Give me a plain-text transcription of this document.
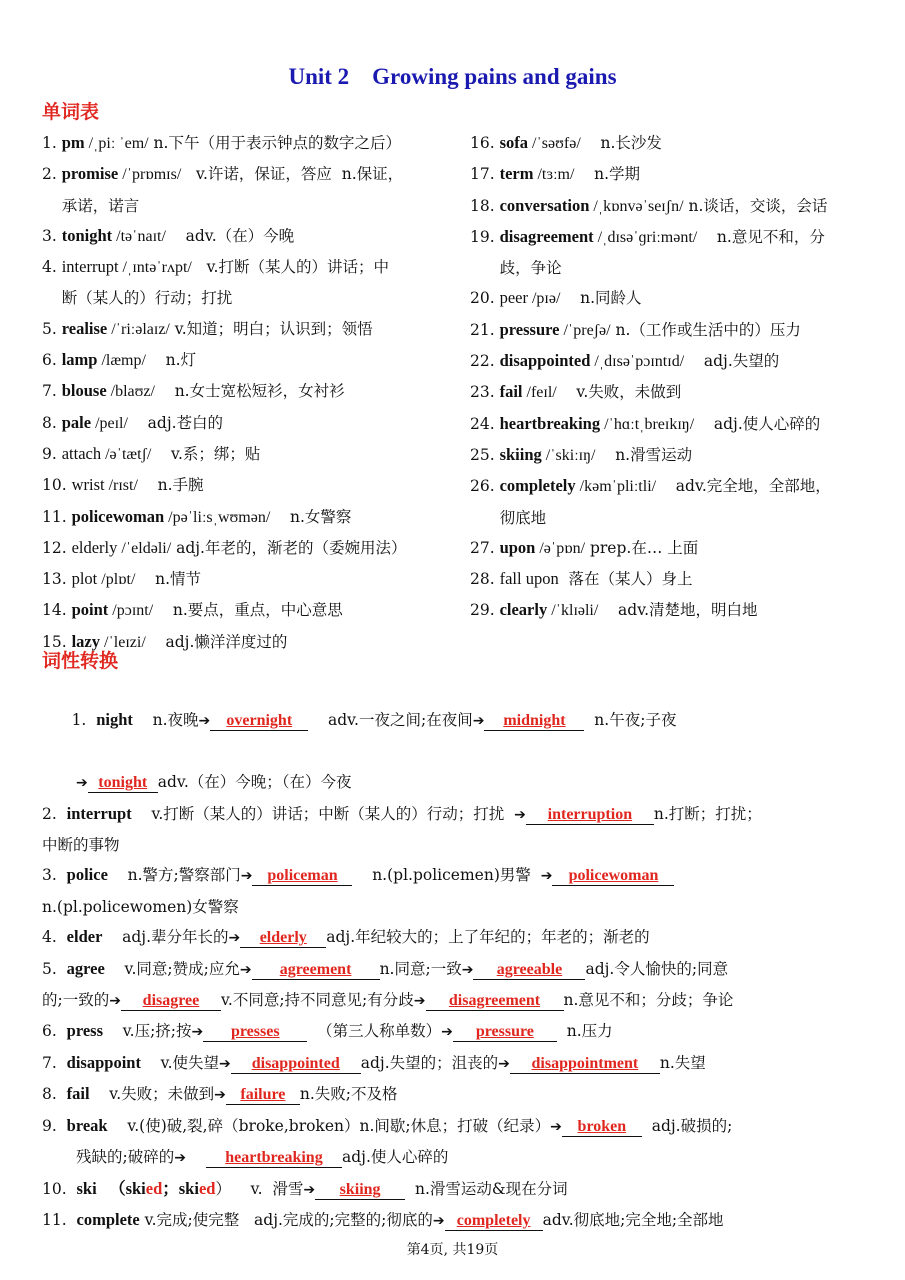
Unit 2    Growing pains and gains
单词表
1. pm /ˌpiː ˈem/ n.下午（用于表示钟点的数字之后）
2. promise /ˈprɒmɪs/   v.许诺，保证，答应  n.保证，
承诺，诺言
3. tonight /təˈnaɪt/    adv.（在）今晚
4. interrupt /ˌɪntəˈrʌpt/   v.打断（某人的）讲话；中
断（某人的）行动；打扰
5. realise /ˈriːəlaɪz/ v.知道；明白；认识到；领悟
6. lamp /læmp/    n.灯
7. blouse /blaʊz/    n.女士宽松短衫，女衬衫
8. pale /peɪl/    adj.苍白的
9. attach /əˈtætʃ/    v.系；绑；贴
10. wrist /rɪst/    n.手腕
11. policewoman /pəˈliːsˌwʊmən/    n.女警察
12. elderly /ˈeldəli/ adj.年老的，渐老的（委婉用法）
13. plot /plɒt/    n.情节
14. point /pɔɪnt/    n.要点，重点，中心意思
15. lazy /ˈleɪzi/    adj.懒洋洋度过的
16. sofa /ˈsəʊfə/    n.长沙发
17. term /tɜːm/    n.学期
18. conversation /ˌkɒnvəˈseɪʃn/ n.谈话，交谈，会话
19. disagreement /ˌdɪsəˈɡriːmənt/    n.意见不和，分
歧，争论
20. peer /pɪə/    n.同龄人
21. pressure /ˈpreʃə/ n.（工作或生活中的）压力
22. disappointed /ˌdɪsəˈpɔɪntɪd/    adj.失望的
23. fail /feɪl/    v.失败，未做到
24. heartbreaking /ˈhɑːtˌbreɪkɪŋ/    adj.使人心碎的
25. skiing /ˈskiːɪŋ/    n.滑雪运动
26. completely /kəmˈpliːtli/    adv.完全地，全部地，
彻底地
27. upon /əˈpɒn/ prep.在… 上面
28. fall upon  落在（某人）身上
29. clearly /ˈklɪəli/    adv.清楚地，明白地
词性转换

1.  night    n.夜晚➔ overnight    adv.一夜之间;在夜间➔ midnight  n.午夜;子夜

➔ tonight adv.（在）今晚；（在）今夜
2.  interrupt    v.打断（某人的）讲话；中断（某人的）行动；打扰  ➔ interruption n.打断；打扰；
中断的事物
3.  police    n.警方;警察部门➔ policeman    n.(pl.policemen)男警  ➔ policewoman
n.(pl.policewomen)女警察
4.  elder    adj.辈分年长的➔ elderly adj.年纪较大的；上了年纪的；年老的；渐老的
5.  agree    v.同意;赞成;应允➔ agreement n.同意;一致➔ agreeable adj.令人愉快的;同意
的;一致的➔ disagree v.不同意;持不同意见;有分歧➔ disagreement n.意见不和；分歧；争论
6.  press    v.压;挤;按➔ presses  （第三人称单数）➔ pressure  n.压力
7.  disappoint    v.使失望➔ disappointed adj.失望的；沮丧的➔ disappointment n.失望
8.  fail    v.失败；未做到➔ failure n.失败;不及格
9.  break    v.(使)破,裂,碎（broke,broken）n.间歇;休息；打破（纪录）➔ broken  adj.破损的;
残缺的;破碎的➔ heartbreaking adj.使人心碎的
10.  ski   （skied；skied）    v.  滑雪➔ skiing  n.滑雪运动&现在分词
11.  complete v.完成;使完整   adj.完成的;完整的;彻底的➔ completely adv.彻底地;完全地;全部地
第4页, 共19页
